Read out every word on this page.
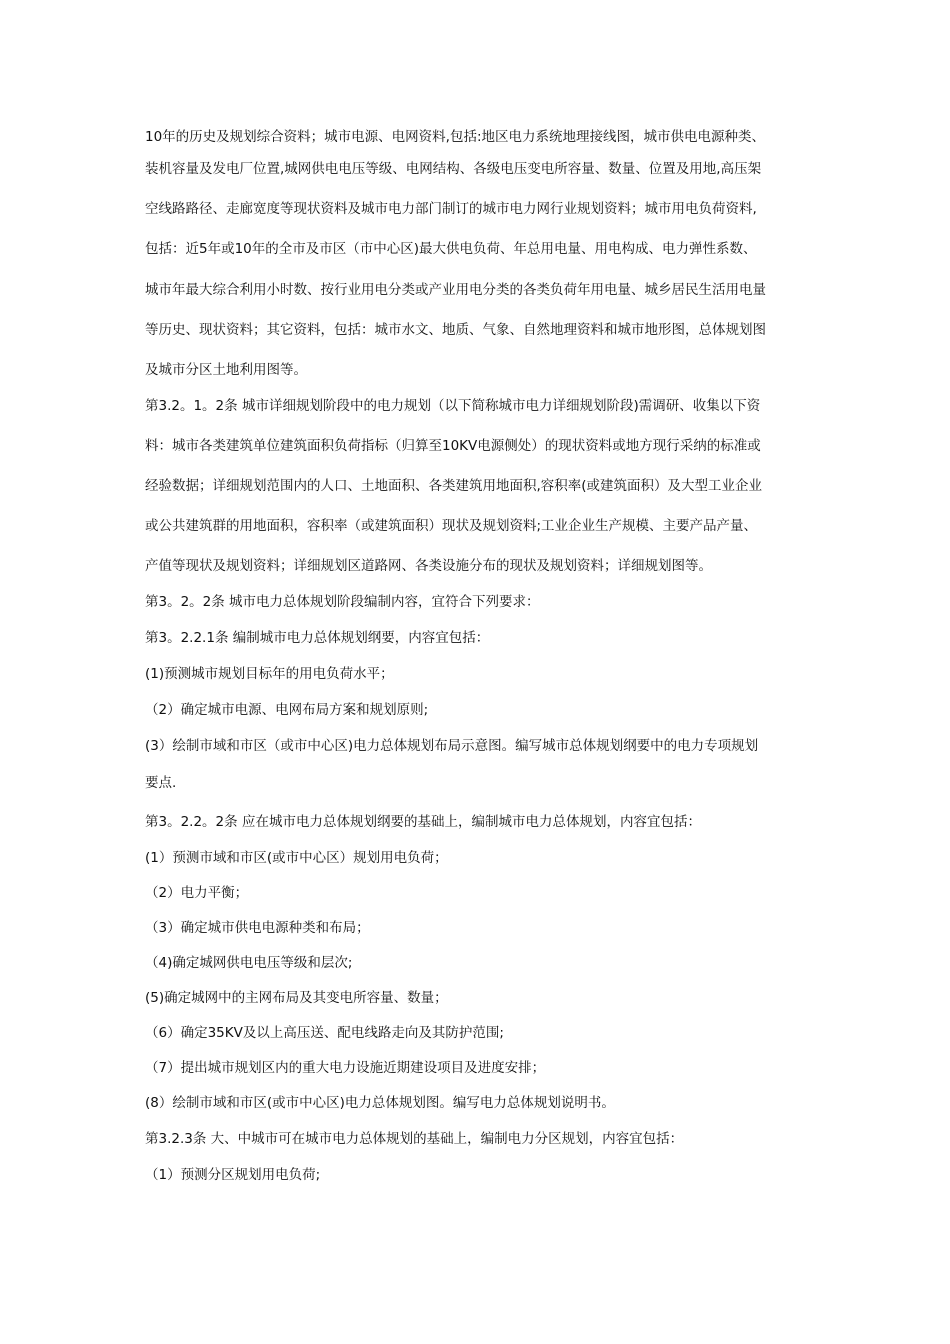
10年的历史及规划综合资料；城市电源、电网资料,包括:地区电力系统地理接线图，城市供电电源种类、
装机容量及发电厂位置,城网供电电压等级、电网结构、各级电压变电所容量、数量、位置及用地,高压架
空线路路径、走廊宽度等现状资料及城市电力部门制订的城市电力网行业规划资料；城市用电负荷资料,
包括：近5年或10年的全市及市区（市中心区)最大供电负荷、年总用电量、用电构成、电力弹性系数、
城市年最大综合利用小时数、按行业用电分类或产业用电分类的各类负荷年用电量、城乡居民生活用电量
等历史、现状资料；其它资料，包括：城市水文、地质、气象、自然地理资料和城市地形图，总体规划图
及城市分区土地利用图等。
第3.2。1。2条 城市详细规划阶段中的电力规划（以下简称城市电力详细规划阶段)需调研、收集以下资
料：城市各类建筑单位建筑面积负荷指标（归算至10KV电源侧处）的现状资料或地方现行采纳的标准或
经验数据；详细规划范围内的人口、土地面积、各类建筑用地面积,容积率(或建筑面积）及大型工业企业
或公共建筑群的用地面积，容积率（或建筑面积）现状及规划资料;工业企业生产规模、主要产品产量、
产值等现状及规划资料；详细规划区道路网、各类设施分布的现状及规划资料；详细规划图等。
第3。2。2条 城市电力总体规划阶段编制内容，宜符合下列要求：
第3。2.2.1条 编制城市电力总体规划纲要，内容宜包括：
(1)预测城市规划目标年的用电负荷水平；
（2）确定城市电源、电网布局方案和规划原则;
(3）绘制市域和市区（或市中心区)电力总体规划布局示意图。编写城市总体规划纲要中的电力专项规划
要点.
第3。2.2。2条 应在城市电力总体规划纲要的基础上，编制城市电力总体规划，内容宜包括：
(1）预测市域和市区(或市中心区）规划用电负荷；
（2）电力平衡；
（3）确定城市供电电源种类和布局；
（4)确定城网供电电压等级和层次;
(5)确定城网中的主网布局及其变电所容量、数量；
（6）确定35KV及以上高压送、配电线路走向及其防护范围;
（7）提出城市规划区内的重大电力设施近期建设项目及进度安排；
(8）绘制市域和市区(或市中心区)电力总体规划图。编写电力总体规划说明书。
第3.2.3条 大、中城市可在城市电力总体规划的基础上，编制电力分区规划，内容宜包括：
（1）预测分区规划用电负荷;
